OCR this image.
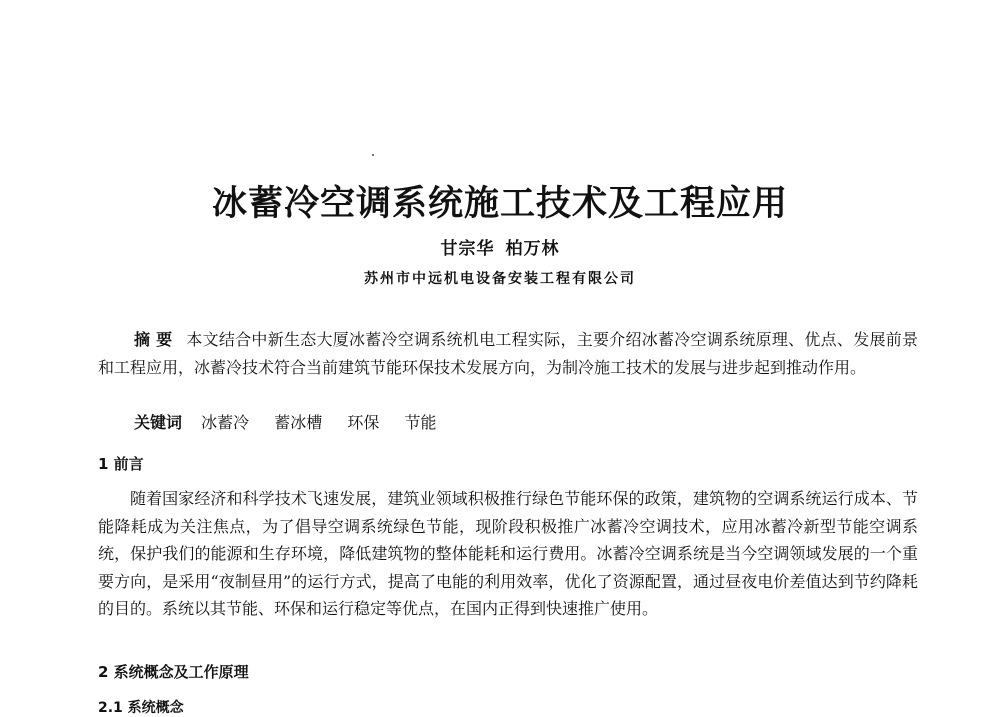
冰蓄冷空调系统施工技术及工程应用
甘宗华 柏万林
苏州市中远机电设备安装工程有限公司

摘 要 本文结合中新生态大厦冰蓄冷空调系统机电工程实际，主要介绍冰蓄冷空调系统原理、优点、发展前景和工程应用，冰蓄冷技术符合当前建筑节能环保技术发展方向，为制冷施工技术的发展与进步起到推动作用。

关键词 冰蓄冷 蓄冰槽 环保 节能

1 前言

随着国家经济和科学技术飞速发展，建筑业领域积极推行绿色节能环保的政策，建筑物的空调系统运行成本、节能降耗成为关注焦点，为了倡导空调系统绿色节能，现阶段积极推广冰蓄冷空调技术，应用冰蓄冷新型节能空调系统，保护我们的能源和生存环境，降低建筑物的整体能耗和运行费用。冰蓄冷空调系统是当今空调领域发展的一个重要方向，是采用“夜制昼用”的运行方式，提高了电能的利用效率，优化了资源配置，通过昼夜电价差值达到节约降耗的目的。系统以其节能、环保和运行稳定等优点，在国内正得到快速推广使用。

2 系统概念及工作原理
2.1 系统概念
